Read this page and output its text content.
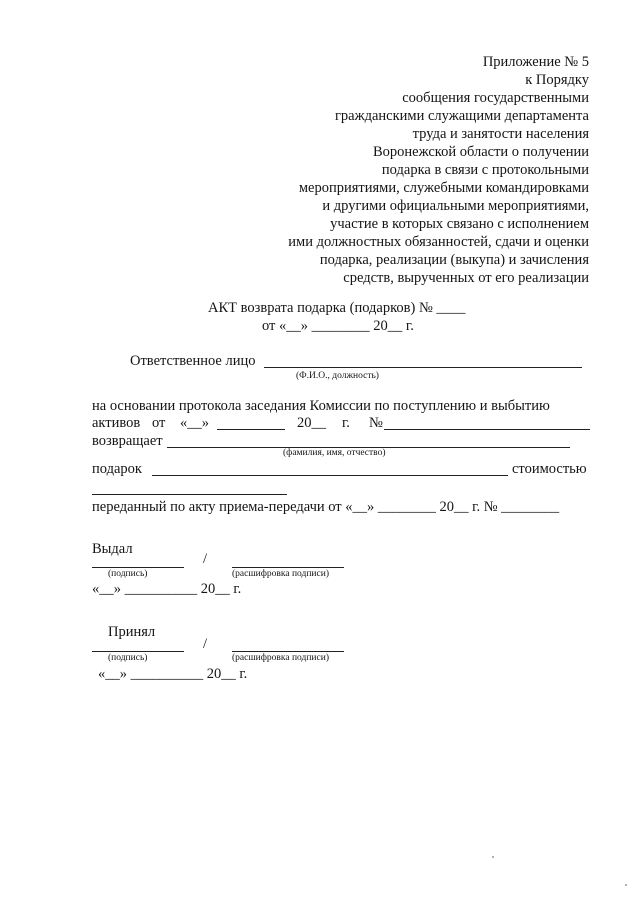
Приложение № 5
к Порядку
сообщения государственными
гражданскими служащими департамента
труда и занятости населения
Воронежской области о получении
подарка в связи с протокольными
мероприятиями, служебными командировками
и другими официальными мероприятиями,
участие в которых связано с исполнением
ими должностных обязанностей, сдачи и оценки
подарка, реализации (выкупа) и зачисления
средств, вырученных от его реализации
АКТ возврата подарка (подарков) № ____
от «__» ________ 20__ г.
Ответственное лицо
(Ф.И.О., должность)
на основании протокола заседания Комиссии по поступлению и выбытию
активов от «__»	20__ г. №
возвращает
(фамилия, имя, отчество)
подарок	стоимостью
переданный по акту приема-передачи от «__» ________ 20__ г. № ________
Выдал
/
(подпись)	(расшифровка подписи)
«__» __________ 20__ г.
Принял
/
(подпись)	(расшифровка подписи)
«__» __________ 20__ г.
